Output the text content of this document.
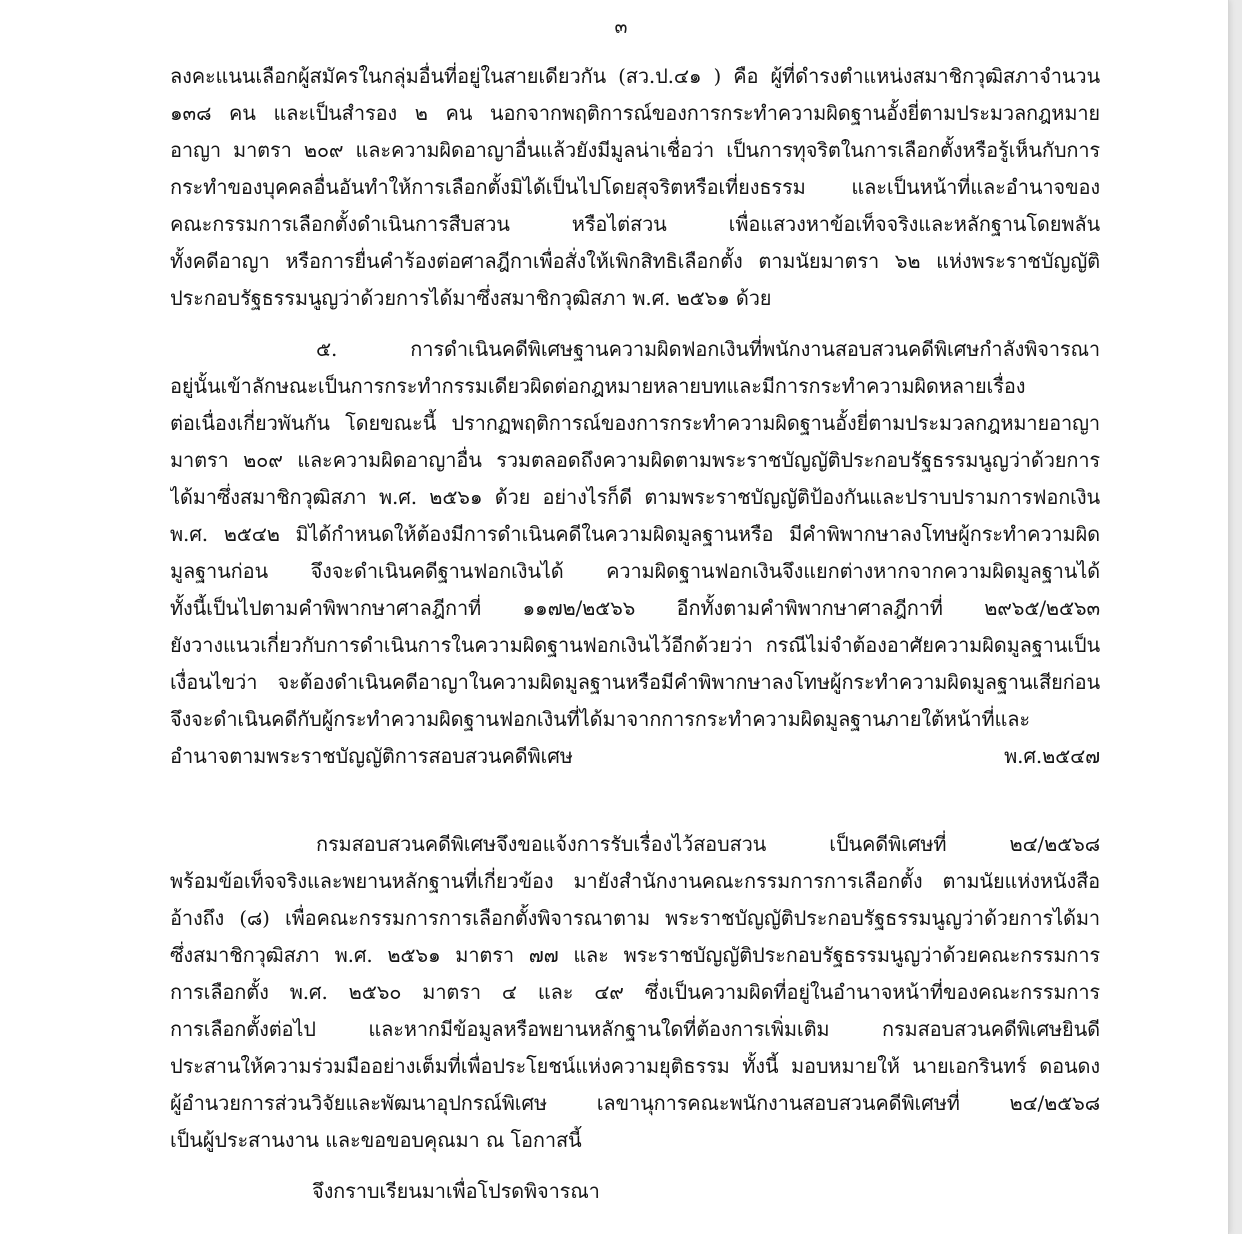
๓
ลงคะแนนเลือกผู้สมัครในกลุ่มอื่นที่อยู่ในสายเดียวกัน (สว.ป.๔๑ ) คือ ผู้ที่ดำรงตำแหน่งสมาชิกวุฒิสภาจำนวน
๑๓๘ คน และเป็นสำรอง ๒ คน นอกจากพฤติการณ์ของการกระทำความผิดฐานอั้งยี่ตามประมวลกฎหมาย
อาญา มาตรา ๒๐๙ และความผิดอาญาอื่นแล้วยังมีมูลน่าเชื่อว่า เป็นการทุจริตในการเลือกตั้งหรือรู้เห็นกับการ
กระทำของบุคคลอื่นอันทำให้การเลือกตั้งมิได้เป็นไปโดยสุจริตหรือเที่ยงธรรม และเป็นหน้าที่และอำนาจของ
คณะกรรมการเลือกตั้งดำเนินการสืบสวน หรือไต่สวน เพื่อแสวงหาข้อเท็จจริงและหลักฐานโดยพลัน
ทั้งคดีอาญา หรือการยื่นคำร้องต่อศาลฎีกาเพื่อสั่งให้เพิกสิทธิเลือกตั้ง ตามนัยมาตรา ๖๒ แห่งพระราชบัญญัติ
ประกอบรัฐธรรมนูญว่าด้วยการได้มาซึ่งสมาชิกวุฒิสภา พ.ศ. ๒๕๖๑ ด้วย
๕. การดำเนินคดีพิเศษฐานความผิดฟอกเงินที่พนักงานสอบสวนคดีพิเศษกำลังพิจารณา
อยู่นั้นเข้าลักษณะเป็นการกระทำกรรมเดียวผิดต่อกฎหมายหลายบทและมีการกระทำความผิดหลายเรื่อง
ต่อเนื่องเกี่ยวพันกัน โดยขณะนี้ ปรากฏพฤติการณ์ของการกระทำความผิดฐานอั้งยี่ตามประมวลกฎหมายอาญา
มาตรา ๒๐๙ และความผิดอาญาอื่น รวมตลอดถึงความผิดตามพระราชบัญญัติประกอบรัฐธรรมนูญว่าด้วยการ
ได้มาซึ่งสมาชิกวุฒิสภา พ.ศ. ๒๕๖๑ ด้วย อย่างไรก็ดี ตามพระราชบัญญัติป้องกันและปราบปรามการฟอกเงิน
พ.ศ. ๒๕๔๒ มิได้กำหนดให้ต้องมีการดำเนินคดีในความผิดมูลฐานหรือ มีคำพิพากษาลงโทษผู้กระทำความผิด
มูลฐานก่อน จึงจะดำเนินคดีฐานฟอกเงินได้ ความผิดฐานฟอกเงินจึงแยกต่างหากจากความผิดมูลฐานได้
ทั้งนี้เป็นไปตามคำพิพากษาศาลฎีกาที่ ๑๑๗๒/๒๕๖๖ อีกทั้งตามคำพิพากษาศาลฎีกาที่ ๒๙๖๕/๒๕๖๓
ยังวางแนวเกี่ยวกับการดำเนินการในความผิดฐานฟอกเงินไว้อีกด้วยว่า กรณีไม่จำต้องอาศัยความผิดมูลฐานเป็น
เงื่อนไขว่า จะต้องดำเนินคดีอาญาในความผิดมูลฐานหรือมีคำพิพากษาลงโทษผู้กระทำความผิดมูลฐานเสียก่อน
จึงจะดำเนินคดีกับผู้กระทำความผิดฐานฟอกเงินที่ได้มาจากการกระทำความผิดมูลฐานภายใต้หน้าที่และ
อำนาจตามพระราชบัญญัติการสอบสวนคดีพิเศษ พ.ศ.๒๕๔๗
กรมสอบสวนคดีพิเศษจึงขอแจ้งการรับเรื่องไว้สอบสวน เป็นคดีพิเศษที่ ๒๔/๒๕๖๘
พร้อมข้อเท็จจริงและพยานหลักฐานที่เกี่ยวข้อง มายังสำนักงานคณะกรรมการการเลือกตั้ง ตามนัยแห่งหนังสือ
อ้างถึง (๘) เพื่อคณะกรรมการการเลือกตั้งพิจารณาตาม พระราชบัญญัติประกอบรัฐธรรมนูญว่าด้วยการได้มา
ซึ่งสมาชิกวุฒิสภา พ.ศ. ๒๕๖๑ มาตรา ๗๗ และ พระราชบัญญัติประกอบรัฐธรรมนูญว่าด้วยคณะกรรมการ
การเลือกตั้ง พ.ศ. ๒๕๖๐ มาตรา ๔ และ ๔๙ ซึ่งเป็นความผิดที่อยู่ในอำนาจหน้าที่ของคณะกรรมการ
การเลือกตั้งต่อไป และหากมีข้อมูลหรือพยานหลักฐานใดที่ต้องการเพิ่มเติม กรมสอบสวนคดีพิเศษยินดี
ประสานให้ความร่วมมืออย่างเต็มที่เพื่อประโยชน์แห่งความยุติธรรม ทั้งนี้ มอบหมายให้ นายเอกรินทร์ ดอนดง
ผู้อำนวยการส่วนวิจัยและพัฒนาอุปกรณ์พิเศษ เลขานุการคณะพนักงานสอบสวนคดีพิเศษที่ ๒๔/๒๕๖๘
เป็นผู้ประสานงาน และขอขอบคุณมา ณ โอกาสนี้
จึงกราบเรียนมาเพื่อโปรดพิจารณา
